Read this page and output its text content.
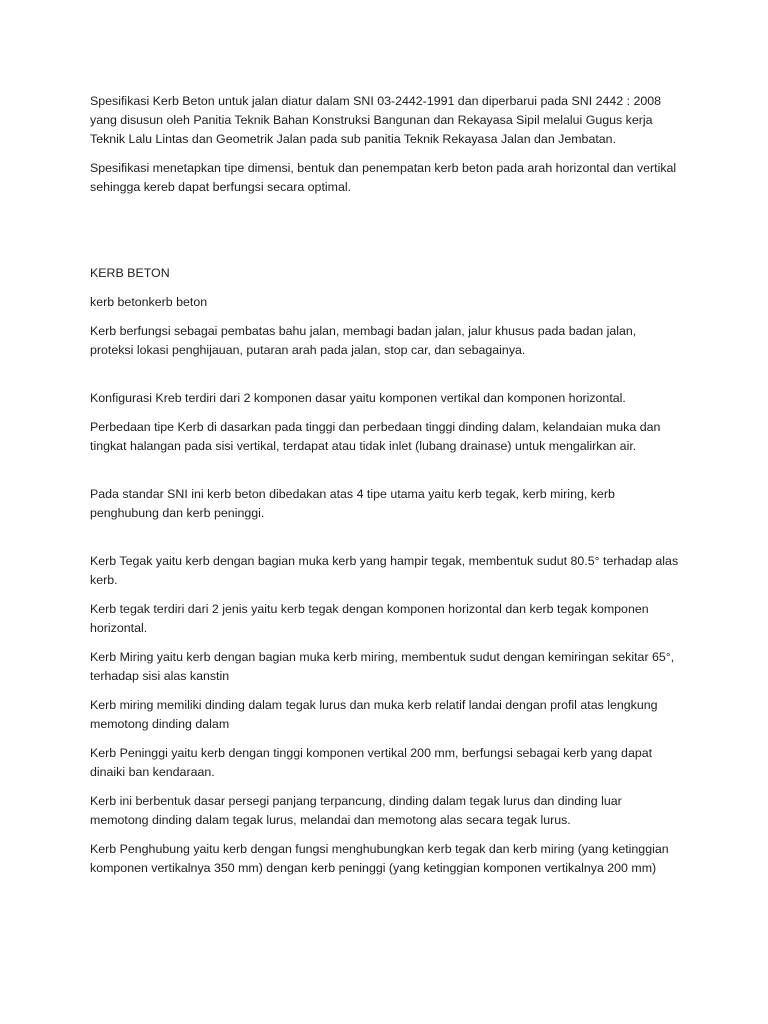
Spesifikasi Kerb Beton untuk jalan diatur dalam SNI 03-2442-1991 dan diperbarui pada SNI 2442 : 2008 yang disusun oleh Panitia Teknik Bahan Konstruksi Bangunan dan Rekayasa Sipil melalui Gugus kerja Teknik Lalu Lintas dan Geometrik Jalan pada sub panitia Teknik Rekayasa Jalan dan Jembatan.

Spesifikasi menetapkan tipe dimensi, bentuk dan penempatan kerb beton pada arah horizontal dan vertikal sehingga kereb dapat berfungsi secara optimal.

KERB BETON

kerb betonkerb beton

Kerb berfungsi sebagai pembatas bahu jalan, membagi badan jalan, jalur khusus pada badan jalan, proteksi lokasi penghijauan, putaran arah pada jalan, stop car, dan sebagainya.

Konfigurasi Kreb terdiri dari 2 komponen dasar yaitu komponen vertikal dan komponen horizontal.

Perbedaan tipe Kerb di dasarkan pada tinggi dan perbedaan tinggi dinding dalam, kelandaian muka dan tingkat halangan pada sisi vertikal, terdapat atau tidak inlet (lubang drainase) untuk mengalirkan air.

Pada standar SNI ini kerb beton dibedakan atas 4 tipe utama yaitu kerb tegak, kerb miring, kerb penghubung dan kerb peninggi.

Kerb Tegak yaitu kerb dengan bagian muka kerb yang hampir tegak, membentuk sudut 80.5° terhadap alas kerb.

Kerb tegak terdiri dari 2 jenis yaitu kerb tegak dengan komponen horizontal dan kerb tegak komponen horizontal.

Kerb Miring yaitu kerb dengan bagian muka kerb miring, membentuk sudut dengan kemiringan sekitar 65°, terhadap sisi alas kanstin

Kerb miring memiliki dinding dalam tegak lurus dan muka kerb relatif landai dengan profil atas lengkung memotong dinding dalam

Kerb Peninggi yaitu kerb dengan tinggi komponen vertikal 200 mm, berfungsi sebagai kerb yang dapat dinaiki ban kendaraan.

Kerb ini berbentuk dasar persegi panjang terpancung, dinding dalam tegak lurus dan dinding luar memotong dinding dalam tegak lurus, melandai dan memotong alas secara tegak lurus.

Kerb Penghubung yaitu kerb dengan fungsi menghubungkan kerb tegak dan kerb miring (yang ketinggian komponen vertikalnya 350 mm) dengan kerb peninggi (yang ketinggian komponen vertikalnya 200 mm)
